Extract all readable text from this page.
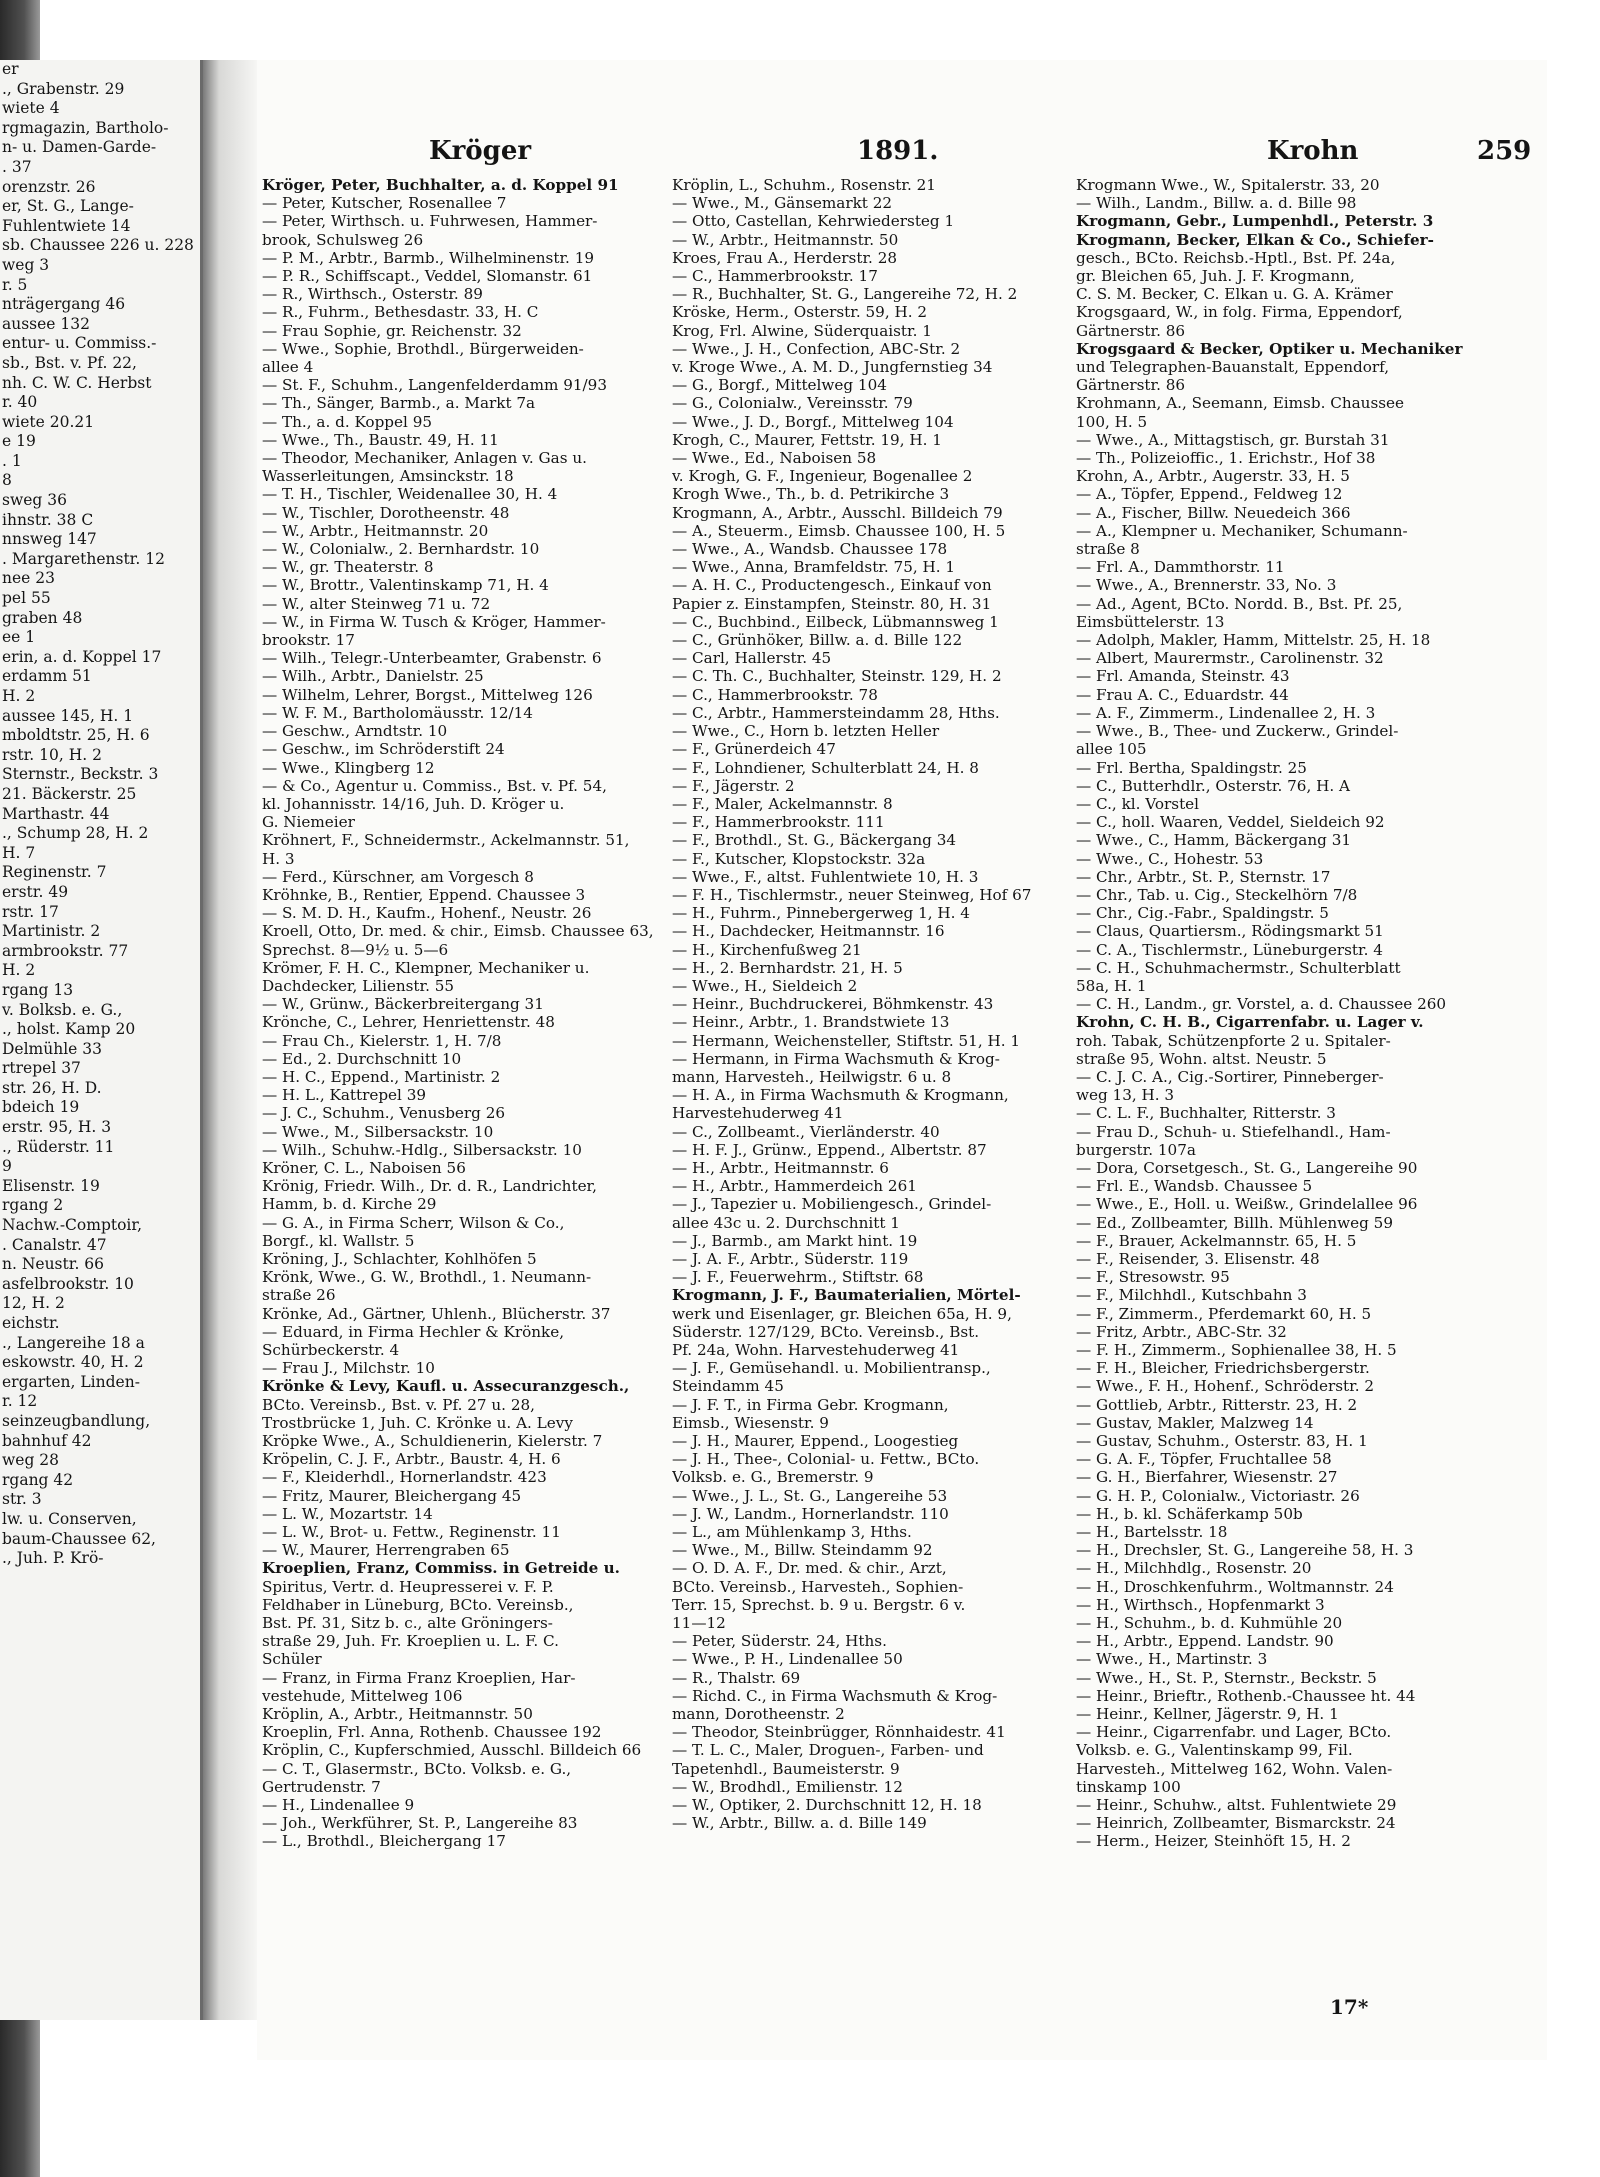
er
., Grabenstr. 29
wiete 4
rgmagazin, Bartholo-
n- u. Damen-Garde-
. 37
orenzstr. 26
er, St. G., Lange-
Fuhlentwiete 14
sb. Chaussee 226 u. 228
weg 3
r. 5
nträgergang 46
aussee 132
entur- u. Commiss.-
sb., Bst. v. Pf. 22,
nh. C. W. C. Herbst
r. 40
wiete 20.21
e 19
. 1
8
sweg 36
ihnstr. 38 C
nnsweg 147
. Margarethenstr. 12
nee 23
pel 55
graben 48
ee 1
erin, a. d. Koppel 17
erdamm 51
H. 2
aussee 145, H. 1
mboldtstr. 25, H. 6
rstr. 10, H. 2
Sternstr., Beckstr. 3
21. Bäckerstr. 25
Marthastr. 44
., Schump 28, H. 2
H. 7
Reginenstr. 7
erstr. 49
rstr. 17
Martinistr. 2
armbrookstr. 77
H. 2
rgang 13
v. Bolksb. e. G.,
., holst. Kamp 20
Delmühle 33
rtrepel 37
str. 26, H. D.
bdeich 19
erstr. 95, H. 3
., Rüderstr. 11
9
Elisenstr. 19
rgang 2
Nachw.-Comptoir,
. Canalstr. 47
n. Neustr. 66
asfelbrookstr. 10
12, H. 2
eichstr.
., Langereihe 18 a
eskowstr. 40, H. 2
ergarten, Linden-
r. 12
seinzeugbandlung,
bahnhuf 42
weg 28
rgang 42
str. 3
lw. u. Conserven,
baum-Chaussee 62,
., Juh. P. Krö-
Kröger	1891.	Krohn	259
Kröger, Peter, Buchhalter, a. d. Koppel 91
— Peter, Kutscher, Rosenallee 7
— Peter, Wirthsch. u. Fuhrwesen, Hammer-
brook, Schulsweg 26
— P. M., Arbtr., Barmb., Wilhelminenstr. 19
— P. R., Schiffscapt., Veddel, Slomanstr. 61
— R., Wirthsch., Osterstr. 89
— R., Fuhrm., Bethesdastr. 33, H. C
— Frau Sophie, gr. Reichenstr. 32
— Wwe., Sophie, Brothdl., Bürgerweiden-
allee 4
— St. F., Schuhm., Langenfelderdamm 91/93
— Th., Sänger, Barmb., a. Markt 7a
— Th., a. d. Koppel 95
— Wwe., Th., Baustr. 49, H. 11
— Theodor, Mechaniker, Anlagen v. Gas u.
Wasserleitungen, Amsinckstr. 18
— T. H., Tischler, Weidenallee 30, H. 4
— W., Tischler, Dorotheenstr. 48
— W., Arbtr., Heitmannstr. 20
— W., Colonialw., 2. Bernhardstr. 10
— W., gr. Theaterstr. 8
— W., Brottr., Valentinskamp 71, H. 4
— W., alter Steinweg 71 u. 72
— W., in Firma W. Tusch & Kröger, Hammer-
brookstr. 17
— Wilh., Telegr.-Unterbeamter, Grabenstr. 6
— Wilh., Arbtr., Danielstr. 25
— Wilhelm, Lehrer, Borgst., Mittelweg 126
— W. F. M., Bartholomäusstr. 12/14
— Geschw., Arndtstr. 10
— Geschw., im Schröderstift 24
— Wwe., Klingberg 12
— & Co., Agentur u. Commiss., Bst. v. Pf. 54,
kl. Johannisstr. 14/16, Juh. D. Kröger u.
G. Niemeier
Kröhnert, F., Schneidermstr., Ackelmannstr. 51,
H. 3
— Ferd., Kürschner, am Vorgesch 8
Kröhnke, B., Rentier, Eppend. Chaussee 3
— S. M. D. H., Kaufm., Hohenf., Neustr. 26
Kroell, Otto, Dr. med. & chir., Eimsb. Chaussee 63,
Sprechst. 8—9½ u. 5—6
Krömer, F. H. C., Klempner, Mechaniker u.
Dachdecker, Lilienstr. 55
— W., Grünw., Bäckerbreitergang 31
Krönche, C., Lehrer, Henriettenstr. 48
— Frau Ch., Kielerstr. 1, H. 7/8
— Ed., 2. Durchschnitt 10
— H. C., Eppend., Martinistr. 2
— H. L., Kattrepel 39
— J. C., Schuhm., Venusberg 26
— Wwe., M., Silbersackstr. 10
— Wilh., Schuhw.-Hdlg., Silbersackstr. 10
Kröner, C. L., Naboisen 56
Krönig, Friedr. Wilh., Dr. d. R., Landrichter,
Hamm, b. d. Kirche 29
— G. A., in Firma Scherr, Wilson & Co.,
Borgf., kl. Wallstr. 5
Kröning, J., Schlachter, Kohlhöfen 5
Krönk, Wwe., G. W., Brothdl., 1. Neumann-
straße 26
Krönke, Ad., Gärtner, Uhlenh., Blücherstr. 37
— Eduard, in Firma Hechler & Krönke,
Schürbeckerstr. 4
— Frau J., Milchstr. 10
Krönke & Levy, Kaufl. u. Assecuranzgesch.,
BCto. Vereinsb., Bst. v. Pf. 27 u. 28,
Trostbrücke 1, Juh. C. Krönke u. A. Levy
Kröpke Wwe., A., Schuldienerin, Kielerstr. 7
Kröpelin, C. J. F., Arbtr., Baustr. 4, H. 6
— F., Kleiderhdl., Hornerlandstr. 423
— Fritz, Maurer, Bleichergang 45
— L. W., Mozartstr. 14
— L. W., Brot- u. Fettw., Reginenstr. 11
— W., Maurer, Herrengraben 65
Kroeplien, Franz, Commiss. in Getreide u.
Spiritus, Vertr. d. Heupresserei v. F. P.
Feldhaber in Lüneburg, BCto. Vereinsb.,
Bst. Pf. 31, Sitz b. c., alte Gröningers-
straße 29, Juh. Fr. Kroeplien u. L. F. C.
Schüler
— Franz, in Firma Franz Kroeplien, Har-
vestehude, Mittelweg 106
Kröplin, A., Arbtr., Heitmannstr. 50
Kroeplin, Frl. Anna, Rothenb. Chaussee 192
Kröplin, C., Kupferschmied, Ausschl. Billdeich 66
— C. T., Glasermstr., BCto. Volksb. e. G.,
Gertrudenstr. 7
— H., Lindenallee 9
— Joh., Werkführer, St. P., Langereihe 83
— L., Brothdl., Bleichergang 17
Kröplin, L., Schuhm., Rosenstr. 21
— Wwe., M., Gänsemarkt 22
— Otto, Castellan, Kehrwiedersteg 1
— W., Arbtr., Heitmannstr. 50
Kroes, Frau A., Herderstr. 28
— C., Hammerbrookstr. 17
— R., Buchhalter, St. G., Langereihe 72, H. 2
Kröske, Herm., Osterstr. 59, H. 2
Krog, Frl. Alwine, Süderquaistr. 1
— Wwe., J. H., Confection, ABC-Str. 2
v. Kroge Wwe., A. M. D., Jungfernstieg 34
— G., Borgf., Mittelweg 104
— G., Colonialw., Vereinsstr. 79
— Wwe., J. D., Borgf., Mittelweg 104
Krogh, C., Maurer, Fettstr. 19, H. 1
— Wwe., Ed., Naboisen 58
v. Krogh, G. F., Ingenieur, Bogenallee 2
Krogh Wwe., Th., b. d. Petrikirche 3
Krogmann, A., Arbtr., Ausschl. Billdeich 79
— A., Steuerm., Eimsb. Chaussee 100, H. 5
— Wwe., A., Wandsb. Chaussee 178
— Wwe., Anna, Bramfeldstr. 75, H. 1
— A. H. C., Productengesch., Einkauf von
Papier z. Einstampfen, Steinstr. 80, H. 31
— C., Buchbind., Eilbeck, Lübmannsweg 1
— C., Grünhöker, Billw. a. d. Bille 122
— Carl, Hallerstr. 45
— C. Th. C., Buchhalter, Steinstr. 129, H. 2
— C., Hammerbrookstr. 78
— C., Arbtr., Hammersteindamm 28, Hths.
— Wwe., C., Horn b. letzten Heller
— F., Grünerdeich 47
— F., Lohndiener, Schulterblatt 24, H. 8
— F., Jägerstr. 2
— F., Maler, Ackelmannstr. 8
— F., Hammerbrookstr. 111
— F., Brothdl., St. G., Bäckergang 34
— F., Kutscher, Klopstockstr. 32a
— Wwe., F., altst. Fuhlentwiete 10, H. 3
— F. H., Tischlermstr., neuer Steinweg, Hof 67
— H., Fuhrm., Pinnebergerweg 1, H. 4
— H., Dachdecker, Heitmannstr. 16
— H., Kirchenfußweg 21
— H., 2. Bernhardstr. 21, H. 5
— Wwe., H., Sieldeich 2
— Heinr., Buchdruckerei, Böhmkenstr. 43
— Heinr., Arbtr., 1. Brandstwiete 13
— Hermann, Weichensteller, Stiftstr. 51, H. 1
— Hermann, in Firma Wachsmuth & Krog-
mann, Harvesteh., Heilwigstr. 6 u. 8
— H. A., in Firma Wachsmuth & Krogmann,
Harvestehuderweg 41
— C., Zollbeamt., Vierländerstr. 40
— H. F. J., Grünw., Eppend., Albertstr. 87
— H., Arbtr., Heitmannstr. 6
— H., Arbtr., Hammerdeich 261
— J., Tapezier u. Mobiliengesch., Grindel-
allee 43c u. 2. Durchschnitt 1
— J., Barmb., am Markt hint. 19
— J. A. F., Arbtr., Süderstr. 119
— J. F., Feuerwehrm., Stiftstr. 68
Krogmann, J. F., Baumaterialien, Mörtel-
werk und Eisenlager, gr. Bleichen 65a, H. 9,
Süderstr. 127/129, BCto. Vereinsb., Bst.
Pf. 24a, Wohn. Harvestehuderweg 41
— J. F., Gemüsehandl. u. Mobilientransp.,
Steindamm 45
— J. F. T., in Firma Gebr. Krogmann,
Eimsb., Wiesenstr. 9
— J. H., Maurer, Eppend., Loogestieg
— J. H., Thee-, Colonial- u. Fettw., BCto.
Volksb. e. G., Bremerstr. 9
— Wwe., J. L., St. G., Langereihe 53
— J. W., Landm., Hornerlandstr. 110
— L., am Mühlenkamp 3, Hths.
— Wwe., M., Billw. Steindamm 92
— O. D. A. F., Dr. med. & chir., Arzt,
BCto. Vereinsb., Harvesteh., Sophien-
Terr. 15, Sprechst. b. 9 u. Bergstr. 6 v.
11—12
— Peter, Süderstr. 24, Hths.
— Wwe., P. H., Lindenallee 50
— R., Thalstr. 69
— Richd. C., in Firma Wachsmuth & Krog-
mann, Dorotheenstr. 2
— Theodor, Steinbrügger, Rönnhaidestr. 41
— T. L. C., Maler, Droguen-, Farben- und
Tapetenhdl., Baumeisterstr. 9
— W., Brodhdl., Emilienstr. 12
— W., Optiker, 2. Durchschnitt 12, H. 18
— W., Arbtr., Billw. a. d. Bille 149
Krogmann Wwe., W., Spitalerstr. 33, 20
— Wilh., Landm., Billw. a. d. Bille 98
Krogmann, Gebr., Lumpenhdl., Peterstr. 3
Krogmann, Becker, Elkan & Co., Schiefer-
gesch., BCto. Reichsb.-Hptl., Bst. Pf. 24a,
gr. Bleichen 65, Juh. J. F. Krogmann,
C. S. M. Becker, C. Elkan u. G. A. Krämer
Krogsgaard, W., in folg. Firma, Eppendorf,
Gärtnerstr. 86
Krogsgaard & Becker, Optiker u. Mechaniker
und Telegraphen-Bauanstalt, Eppendorf,
Gärtnerstr. 86
Krohmann, A., Seemann, Eimsb. Chaussee
100, H. 5
— Wwe., A., Mittagstisch, gr. Burstah 31
— Th., Polizeioffic., 1. Erichstr., Hof 38
Krohn, A., Arbtr., Augerstr. 33, H. 5
— A., Töpfer, Eppend., Feldweg 12
— A., Fischer, Billw. Neuedeich 366
— A., Klempner u. Mechaniker, Schumann-
straße 8
— Frl. A., Dammthorstr. 11
— Wwe., A., Brennerstr. 33, No. 3
— Ad., Agent, BCto. Nordd. B., Bst. Pf. 25,
Eimsbüttelerstr. 13
— Adolph, Makler, Hamm, Mittelstr. 25, H. 18
— Albert, Maurermstr., Carolinenstr. 32
— Frl. Amanda, Steinstr. 43
— Frau A. C., Eduardstr. 44
— A. F., Zimmerm., Lindenallee 2, H. 3
— Wwe., B., Thee- und Zuckerw., Grindel-
allee 105
— Frl. Bertha, Spaldingstr. 25
— C., Butterhdlr., Osterstr. 76, H. A
— C., kl. Vorstel
— C., holl. Waaren, Veddel, Sieldeich 92
— Wwe., C., Hamm, Bäckergang 31
— Wwe., C., Hohestr. 53
— Chr., Arbtr., St. P., Sternstr. 17
— Chr., Tab. u. Cig., Steckelhörn 7/8
— Chr., Cig.-Fabr., Spaldingstr. 5
— Claus, Quartiersm., Rödingsmarkt 51
— C. A., Tischlermstr., Lüneburgerstr. 4
— C. H., Schuhmachermstr., Schulterblatt
58a, H. 1
— C. H., Landm., gr. Vorstel, a. d. Chaussee 260
Krohn, C. H. B., Cigarrenfabr. u. Lager v.
roh. Tabak, Schützenpforte 2 u. Spitaler-
straße 95, Wohn. altst. Neustr. 5
— C. J. C. A., Cig.-Sortirer, Pinneberger-
weg 13, H. 3
— C. L. F., Buchhalter, Ritterstr. 3
— Frau D., Schuh- u. Stiefelhandl., Ham-
burgerstr. 107a
— Dora, Corsetgesch., St. G., Langereihe 90
— Frl. E., Wandsb. Chaussee 5
— Wwe., E., Holl. u. Weißw., Grindelallee 96
— Ed., Zollbeamter, Billh. Mühlenweg 59
— F., Brauer, Ackelmannstr. 65, H. 5
— F., Reisender, 3. Elisenstr. 48
— F., Stresowstr. 95
— F., Milchhdl., Kutschbahn 3
— F., Zimmerm., Pferdemarkt 60, H. 5
— Fritz, Arbtr., ABC-Str. 32
— F. H., Zimmerm., Sophienallee 38, H. 5
— F. H., Bleicher, Friedrichsbergerstr.
— Wwe., F. H., Hohenf., Schröderstr. 2
— Gottlieb, Arbtr., Ritterstr. 23, H. 2
— Gustav, Makler, Malzweg 14
— Gustav, Schuhm., Osterstr. 83, H. 1
— G. A. F., Töpfer, Fruchtallee 58
— G. H., Bierfahrer, Wiesenstr. 27
— G. H. P., Colonialw., Victoriastr. 26
— H., b. kl. Schäferkamp 50b
— H., Bartelsstr. 18
— H., Drechsler, St. G., Langereihe 58, H. 3
— H., Milchhdlg., Rosenstr. 20
— H., Droschkenfuhrm., Woltmannstr. 24
— H., Wirthsch., Hopfenmarkt 3
— H., Schuhm., b. d. Kuhmühle 20
— H., Arbtr., Eppend. Landstr. 90
— Wwe., H., Martinstr. 3
— Wwe., H., St. P., Sternstr., Beckstr. 5
— Heinr., Brieftr., Rothenb.-Chaussee ht. 44
— Heinr., Kellner, Jägerstr. 9, H. 1
— Heinr., Cigarrenfabr. und Lager, BCto.
Volksb. e. G., Valentinskamp 99, Fil.
Harvesteh., Mittelweg 162, Wohn. Valen-
tinskamp 100
— Heinr., Schuhw., altst. Fuhlentwiete 29
— Heinrich, Zollbeamter, Bismarckstr. 24
— Herm., Heizer, Steinhöft 15, H. 2
17*
